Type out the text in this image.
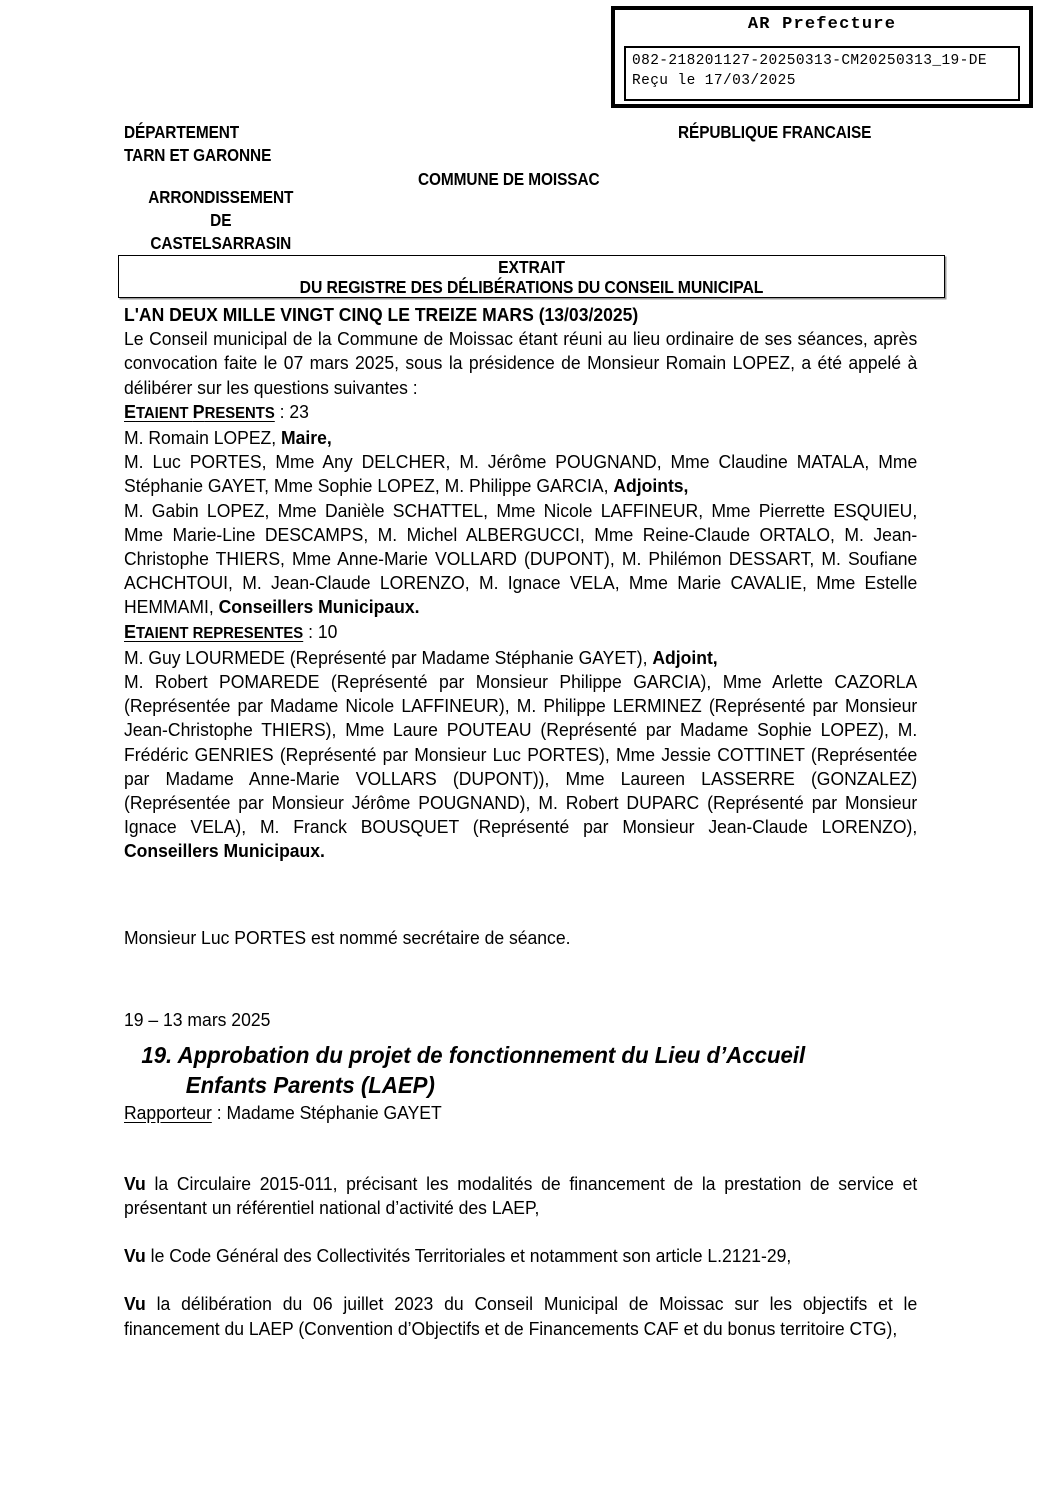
AR Prefecture
082-218201127-20250313-CM20250313_19-DE
Reçu le 17/03/2025
DÉPARTEMENT
TARN ET GARONNE
ARRONDISSEMENT
DE
CASTELSARRASIN
RÉPUBLIQUE FRANCAISE
COMMUNE DE MOISSAC
EXTRAIT
DU REGISTRE DES DÉLIBÉRATIONS DU CONSEIL MUNICIPAL

L'AN DEUX MILLE VINGT CINQ LE TREIZE MARS (13/03/2025)

Le Conseil municipal de la Commune de Moissac étant réuni au lieu ordinaire de ses séances, après convocation faite le 07 mars 2025, sous la présidence de Monsieur Romain LOPEZ, a été appelé à délibérer sur les questions suivantes :

ETAIENT PRESENTS : 23

M. Romain LOPEZ, Maire,

M. Luc PORTES, Mme Any DELCHER, M. Jérôme POUGNAND, Mme Claudine MATALA, Mme Stéphanie GAYET, Mme Sophie LOPEZ, M. Philippe GARCIA, Adjoints,

M. Gabin LOPEZ, Mme Danièle SCHATTEL, Mme Nicole LAFFINEUR, Mme Pierrette ESQUIEU, Mme Marie-Line DESCAMPS, M. Michel ALBERGUCCI, Mme Reine-Claude ORTALO, M. Jean-Christophe THIERS, Mme Anne-Marie VOLLARD (DUPONT), M. Philémon DESSART, M. Soufiane ACHCHTOUI, M. Jean-Claude LORENZO, M. Ignace VELA, Mme Marie CAVALIE, Mme Estelle HEMMAMI, Conseillers Municipaux.

ETAIENT REPRESENTES : 10

M. Guy LOURMEDE (Représenté par Madame Stéphanie GAYET), Adjoint,

M. Robert POMAREDE (Représenté par Monsieur Philippe GARCIA), Mme Arlette CAZORLA (Représentée par Madame Nicole LAFFINEUR), M. Philippe LERMINEZ (Représenté par Monsieur Jean-Christophe THIERS), Mme Laure POUTEAU (Représenté par Madame Sophie LOPEZ), M. Frédéric GENRIES (Représenté par Monsieur Luc PORTES), Mme Jessie COTTINET (Représentée par Madame Anne-Marie VOLLARS (DUPONT)), Mme Laureen LASSERRE (GONZALEZ) (Représentée par Monsieur Jérôme POUGNAND), M. Robert DUPARC (Représenté par Monsieur Ignace VELA), M. Franck BOUSQUET (Représenté par Monsieur Jean-Claude LORENZO), Conseillers Municipaux.

Monsieur Luc PORTES est nommé secrétaire de séance.

19 – 13 mars 2025

19. Approbation du projet de fonctionnement du Lieu d’Accueil
Enfants Parents (LAEP)

Rapporteur : Madame Stéphanie GAYET

Vu la Circulaire 2015-011, précisant les modalités de financement de la prestation de service et présentant un référentiel national d’activité des LAEP,

Vu le Code Général des Collectivités Territoriales et notamment son article L.2121-29,

Vu la délibération du 06 juillet 2023 du Conseil Municipal de Moissac sur les objectifs et le financement du LAEP (Convention d’Objectifs et de Financements CAF et du bonus territoire CTG),
